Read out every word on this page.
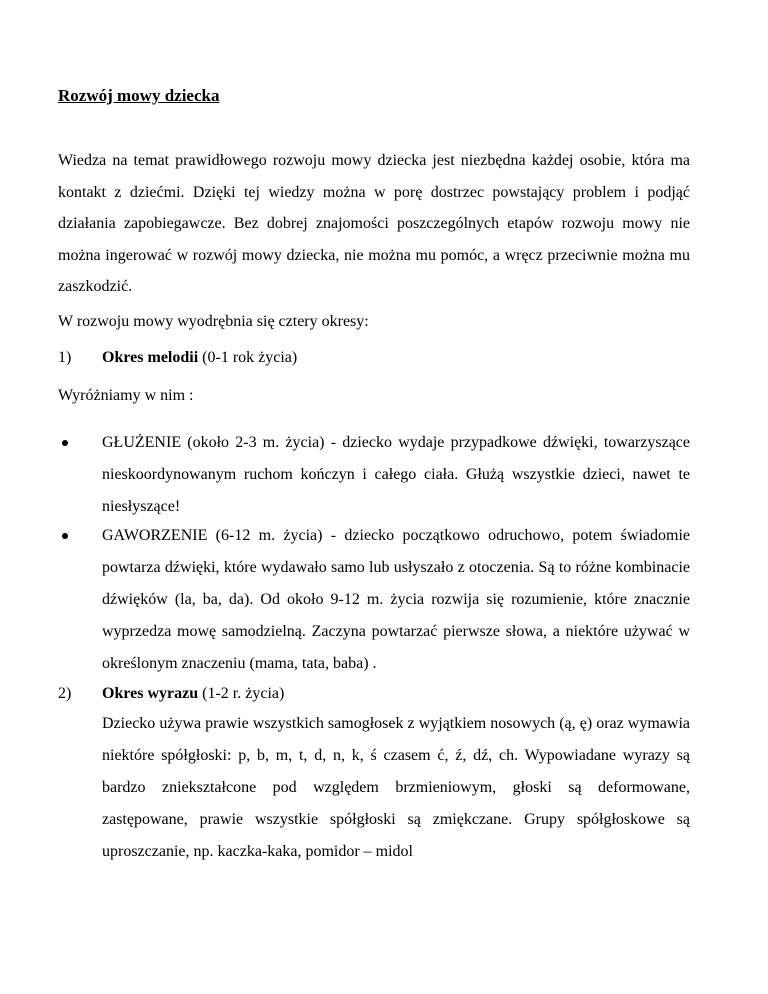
Rozwój mowy dziecka

Wiedza na temat prawidłowego rozwoju mowy dziecka jest niezbędna każdej osobie, która ma kontakt z dziećmi. Dzięki tej wiedzy można w porę dostrzec powstający problem i podjąć działania zapobiegawcze. Bez dobrej znajomości poszczególnych etapów rozwoju mowy nie można ingerować w rozwój mowy dziecka, nie można mu pomóc, a wręcz przeciwnie można mu zaszkodzić.

W rozwoju mowy wyodrębnia się cztery okresy:

1) Okres melodii (0-1 rok życia)

Wyróżniamy w nim :

GŁUŻENIE (około 2-3 m. życia) - dziecko wydaje przypadkowe dźwięki, towarzyszące nieskoordynowanym ruchom kończyn i całego ciała. Głużą wszystkie dzieci, nawet te niesłyszące!

GAWORZENIE (6-12 m. życia) - dziecko początkowo odruchowo, potem świadomie powtarza dźwięki, które wydawało samo lub usłyszało z otoczenia. Są to różne kombinacie dźwięków (la, ba, da). Od około 9-12 m. życia rozwija się rozumienie, które znacznie wyprzedza mowę samodzielną. Zaczyna powtarzać pierwsze słowa, a niektóre używać w określonym znaczeniu (mama, tata, baba) .

2) Okres wyrazu (1-2 r. życia)

Dziecko używa prawie wszystkich samogłosek z wyjątkiem nosowych (ą, ę) oraz wymawia niektóre spółgłoski: p, b, m, t, d, n, k, ś czasem ć, ź, dź, ch. Wypowiadane wyrazy są bardzo zniekształcone pod względem brzmieniowym, głoski są deformowane, zastępowane, prawie wszystkie spółgłoski są zmiękczane. Grupy spółgłoskowe są uproszczanie, np. kaczka-kaka, pomidor – midol
